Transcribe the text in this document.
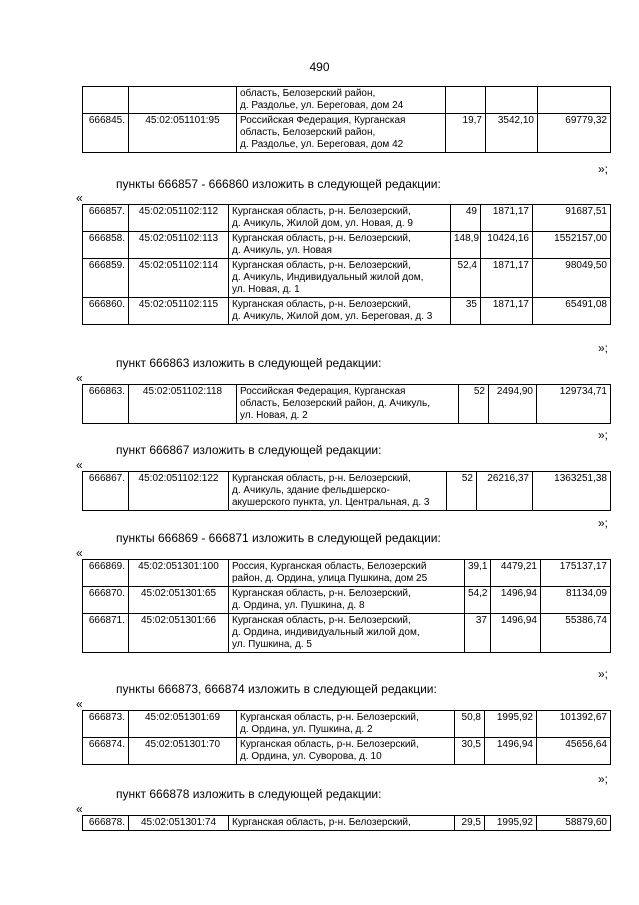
490

		область, Белозерский район,
д. Раздолье, ул. Береговая, дом 24			

666845.	45:02:051101:95	Российская Федерация, Курганская
область, Белозерский район,
д. Раздолье, ул. Береговая, дом 42	19,7	3542,10	69779,32
»;
пункты 666857 - 666860 изложить в следующей редакции:
«
666857.	45:02:051102:112	Курганская область, р-н. Белозерский,
д. Ачикуль, Жилой дом, ул. Новая, д. 9	49	1871,17	91687,51
666858.	45:02:051102:113	Курганская область, р-н. Белозерский,
д. Ачикуль, ул. Новая	148,9	10424,16	1552157,00
666859.	45:02:051102:114	Курганская область, р-н. Белозерский,
д. Ачикуль, Индивидуальный жилой дом,
ул. Новая, д. 1	52,4	1871,17	98049,50
666860.	45:02:051102:115	Курганская область, р-н. Белозерский,
д. Ачикуль, Жилой дом, ул. Береговая, д. 3	35	1871,17	65491,08
»;
пункт 666863 изложить в следующей редакции:
«
666863.	45:02:051102:118	Российская Федерация, Курганская
область, Белозерский район, д. Ачикуль,
ул. Новая, д. 2
	52	2494,90	129734,71
»;
пункт 666867 изложить в следующей редакции:
«
666867.	45:02:051102:122	Курганская область, р-н. Белозерский,
д. Ачикуль, здание фельдшерско-
акушерского пункта, ул. Центральная, д. 3
	52	26216,37	1363251,38
»;
пункты 666869 - 666871 изложить в следующей редакции:
«
666869.	45:02:051301:100	Россия, Курганская область, Белозерский
район, д. Ордина, улица Пушкина, дом 25	39,1	4479,21	175137,17
666870.	45:02:051301:65	Курганская область, р-н. Белозерский,
д. Ордина, ул. Пушкина, д. 8	54,2	1496,94	81134,09
666871.	45:02:051301:66	Курганская область, р-н. Белозерский,
д. Ордина, индивидуальный жилой дом,
ул. Пушкина, д. 5	37	1496,94	55386,74
»;
пункты 666873, 666874 изложить в следующей редакции:
«
666873.	45:02:051301:69	Курганская область, р-н. Белозерский,
д. Ордина, ул. Пушкина, д. 2	50,8	1995,92	101392,67
666874.	45:02:051301:70	Курганская область, р-н. Белозерский,
д. Ордина, ул. Суворова, д. 10	30,5	1496,94	45656,64
»;
пункт 666878 изложить в следующей редакции:
«
666878.	45:02:051301:74	Курганская область, р-н. Белозерский,	29,5	1995,92	58879,60
